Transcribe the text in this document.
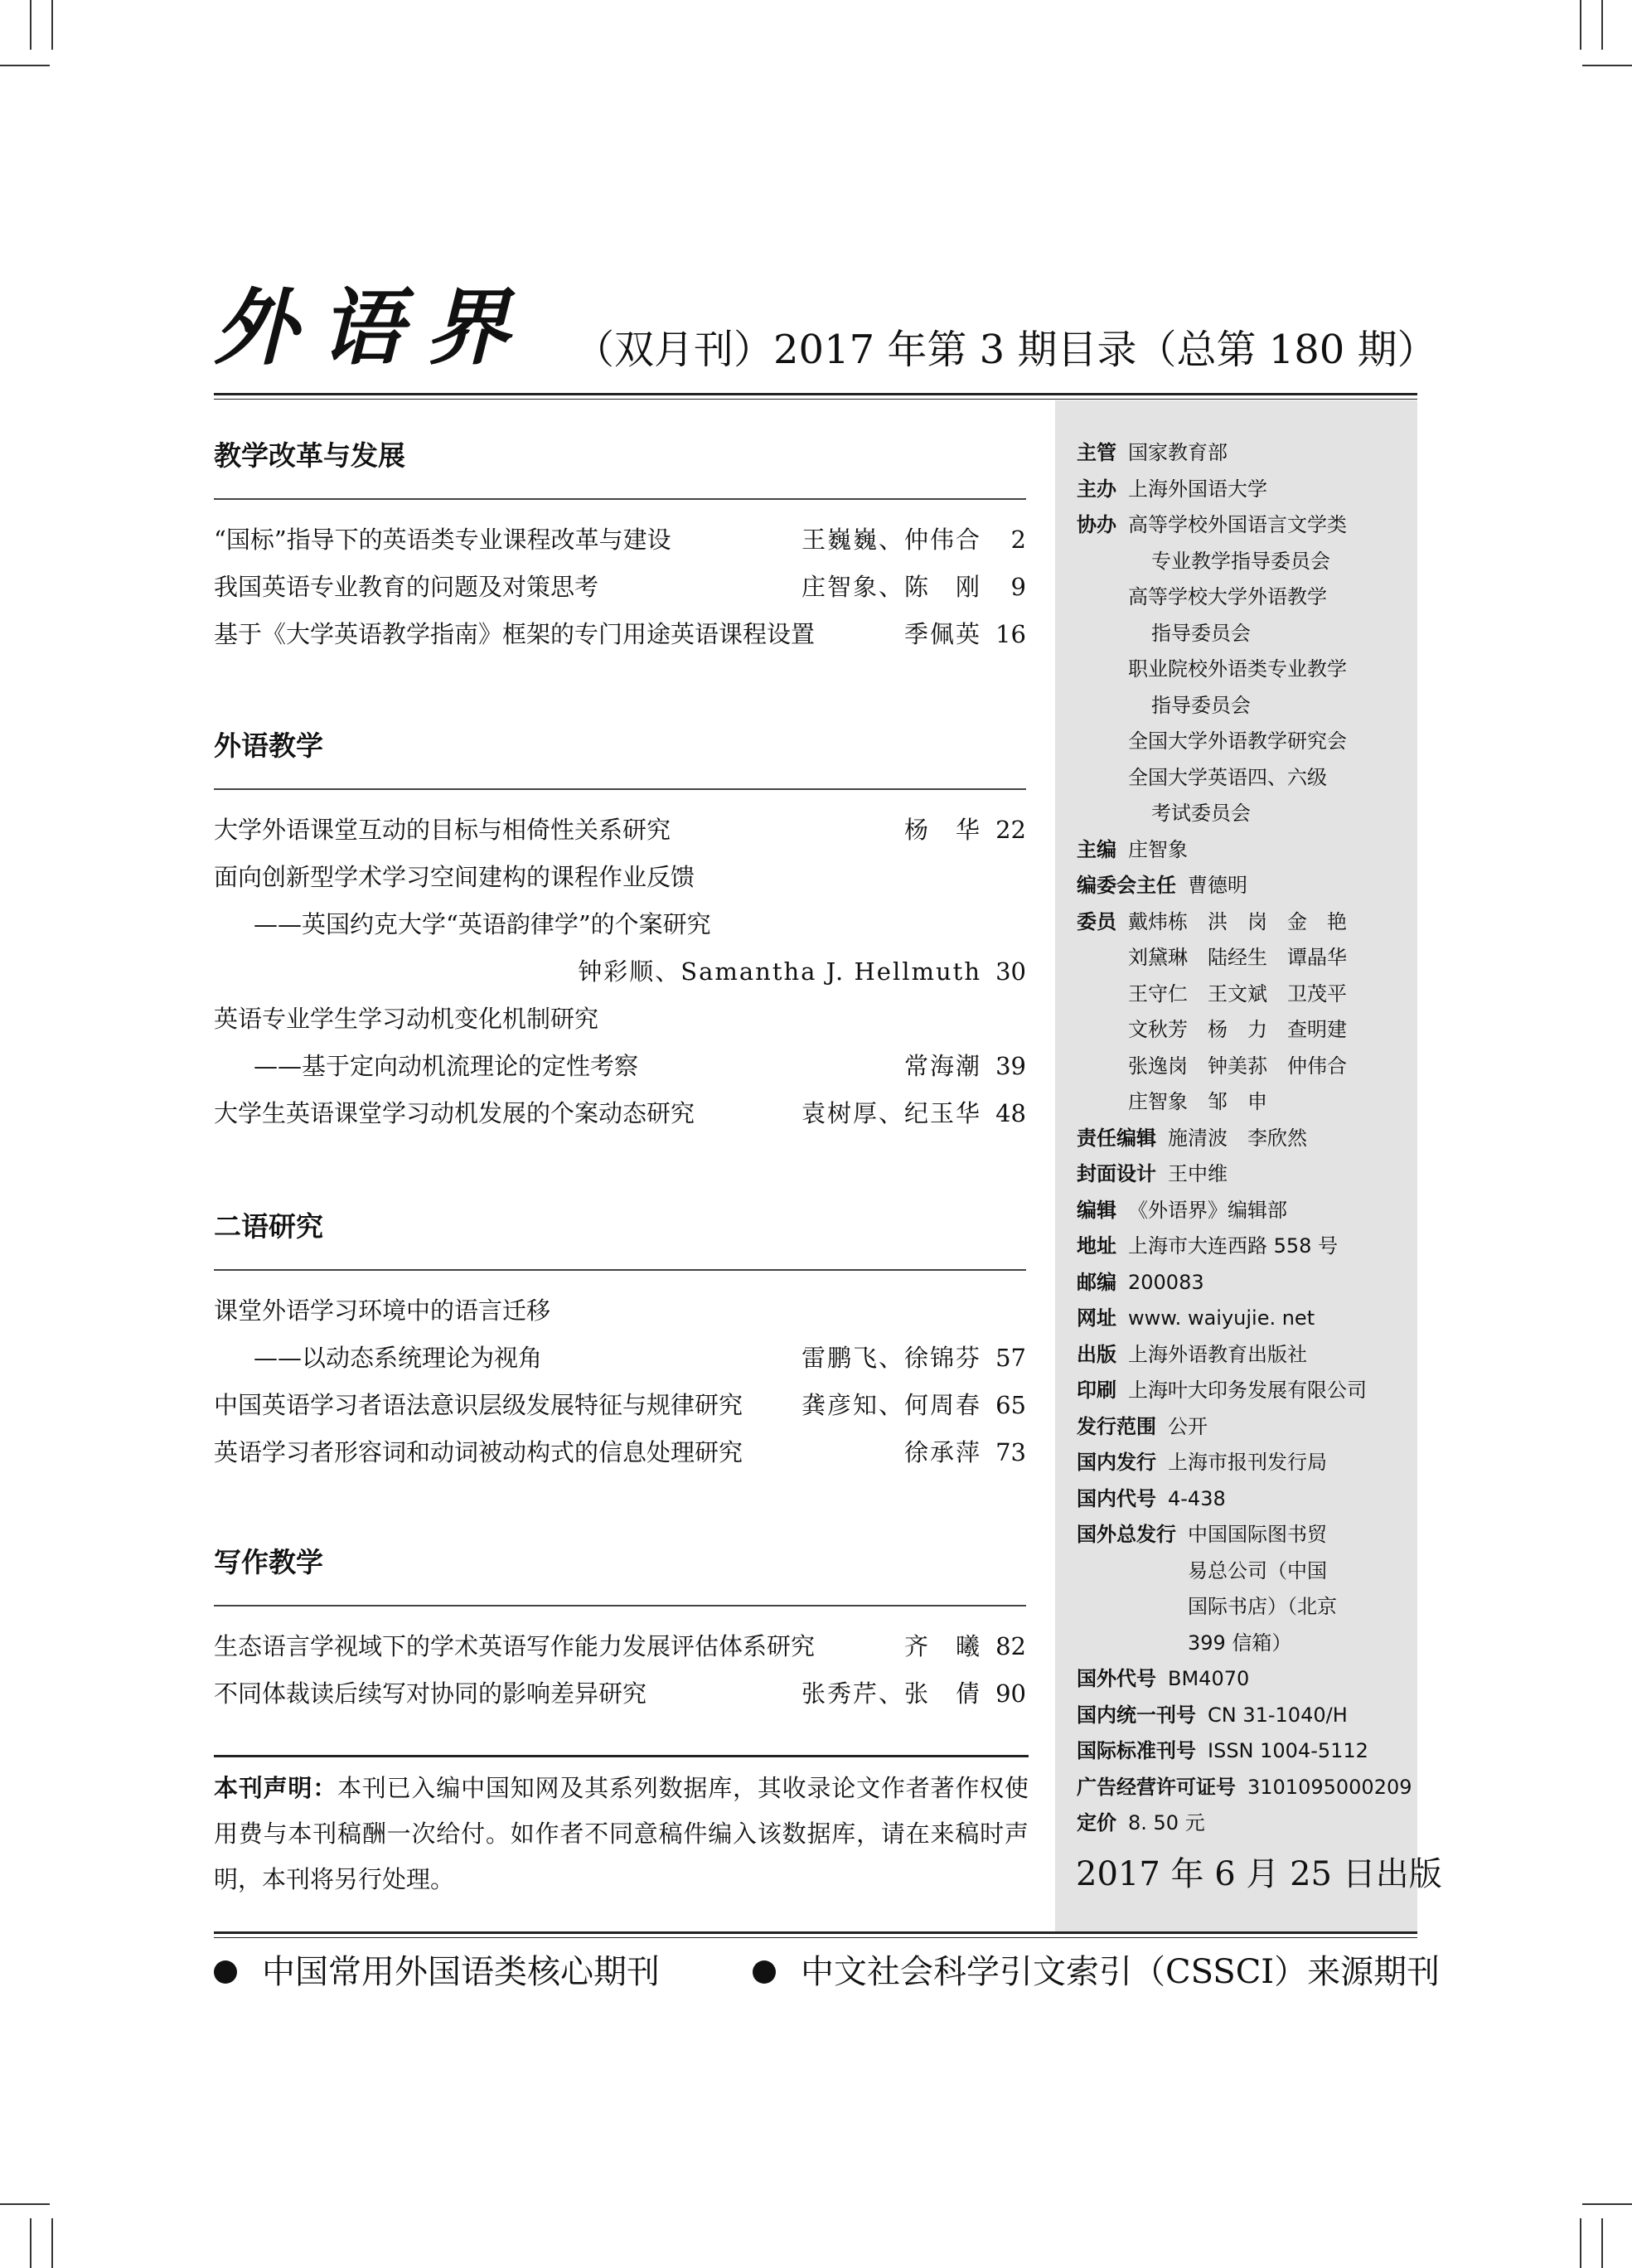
外语界 （双月刊）2017 年第 3 期目录（总第 180 期）
教学改革与发展
“国标”指导下的英语类专业课程改革与建设	王巍巍、仲伟合	2
我国英语专业教育的问题及对策思考	庄智象、陈　刚	9
基于《大学英语教学指南》框架的专门用途英语课程设置	季佩英 16
外语教学
大学外语课堂互动的目标与相倚性关系研究	杨　华 22
面向创新型学术学习空间建构的课程作业反馈
——英国约克大学“英语韵律学”的个案研究
钟彩顺、Samantha J. Hellmuth 30
英语专业学生学习动机变化机制研究
——基于定向动机流理论的定性考察	常海潮 39
大学生英语课堂学习动机发展的个案动态研究	袁树厚、纪玉华 48
二语研究
课堂外语学习环境中的语言迁移
——以动态系统理论为视角	雷鹏飞、徐锦芬 57
中国英语学习者语法意识层级发展特征与规律研究 龚彦知、何周春 65
英语学习者形容词和动词被动构式的信息处理研究	徐承萍 73
写作教学
生态语言学视域下的学术英语写作能力发展评估体系研究	齐　曦 82
不同体裁读后续写对协同的影响差异研究	张秀芹、张　倩 90
本刊声明：本刊已入编中国知网及其系列数据库，其收录论文作者著作权使用费与本刊稿酬一次给付。如作者不同意稿件编入该数据库，请在来稿时声明，本刊将另行处理。
主管 国家教育部
主办 上海外国语大学
协办 高等学校外国语言文学类
专业教学指导委员会
高等学校大学外语教学
指导委员会
职业院校外语类专业教学
指导委员会
全国大学外语教学研究会
全国大学英语四、六级
考试委员会
主编 庄智象
编委会主任 曹德明
委员 戴炜栋　洪　岗　金　艳
刘黛琳　陆经生　谭晶华
王守仁　王文斌　卫茂平
文秋芳　杨　力　查明建
张逸岗　钟美荪　仲伟合
庄智象　邹　申
责任编辑 施清波　李欣然
封面设计 王中维
编辑 《外语界》编辑部
地址 上海市大连西路 558 号
邮编 200083
网址 www. waiyujie. net
出版 上海外语教育出版社
印刷 上海叶大印务发展有限公司
发行范围 公开
国内发行 上海市报刊发行局
国内代号 4-438
国外总发行 中国国际图书贸
易总公司（中国
国际书店）（北京
399 信箱）
国外代号 BM4070
国内统一刊号 CN 31-1040/H
国际标准刊号 ISSN 1004-5112
广告经营许可证号 3101095000209
定价 8. 50 元
2017 年 6 月 25 日出版
中国常用外国语类核心期刊	中文社会科学引文索引（CSSCI）来源期刊
